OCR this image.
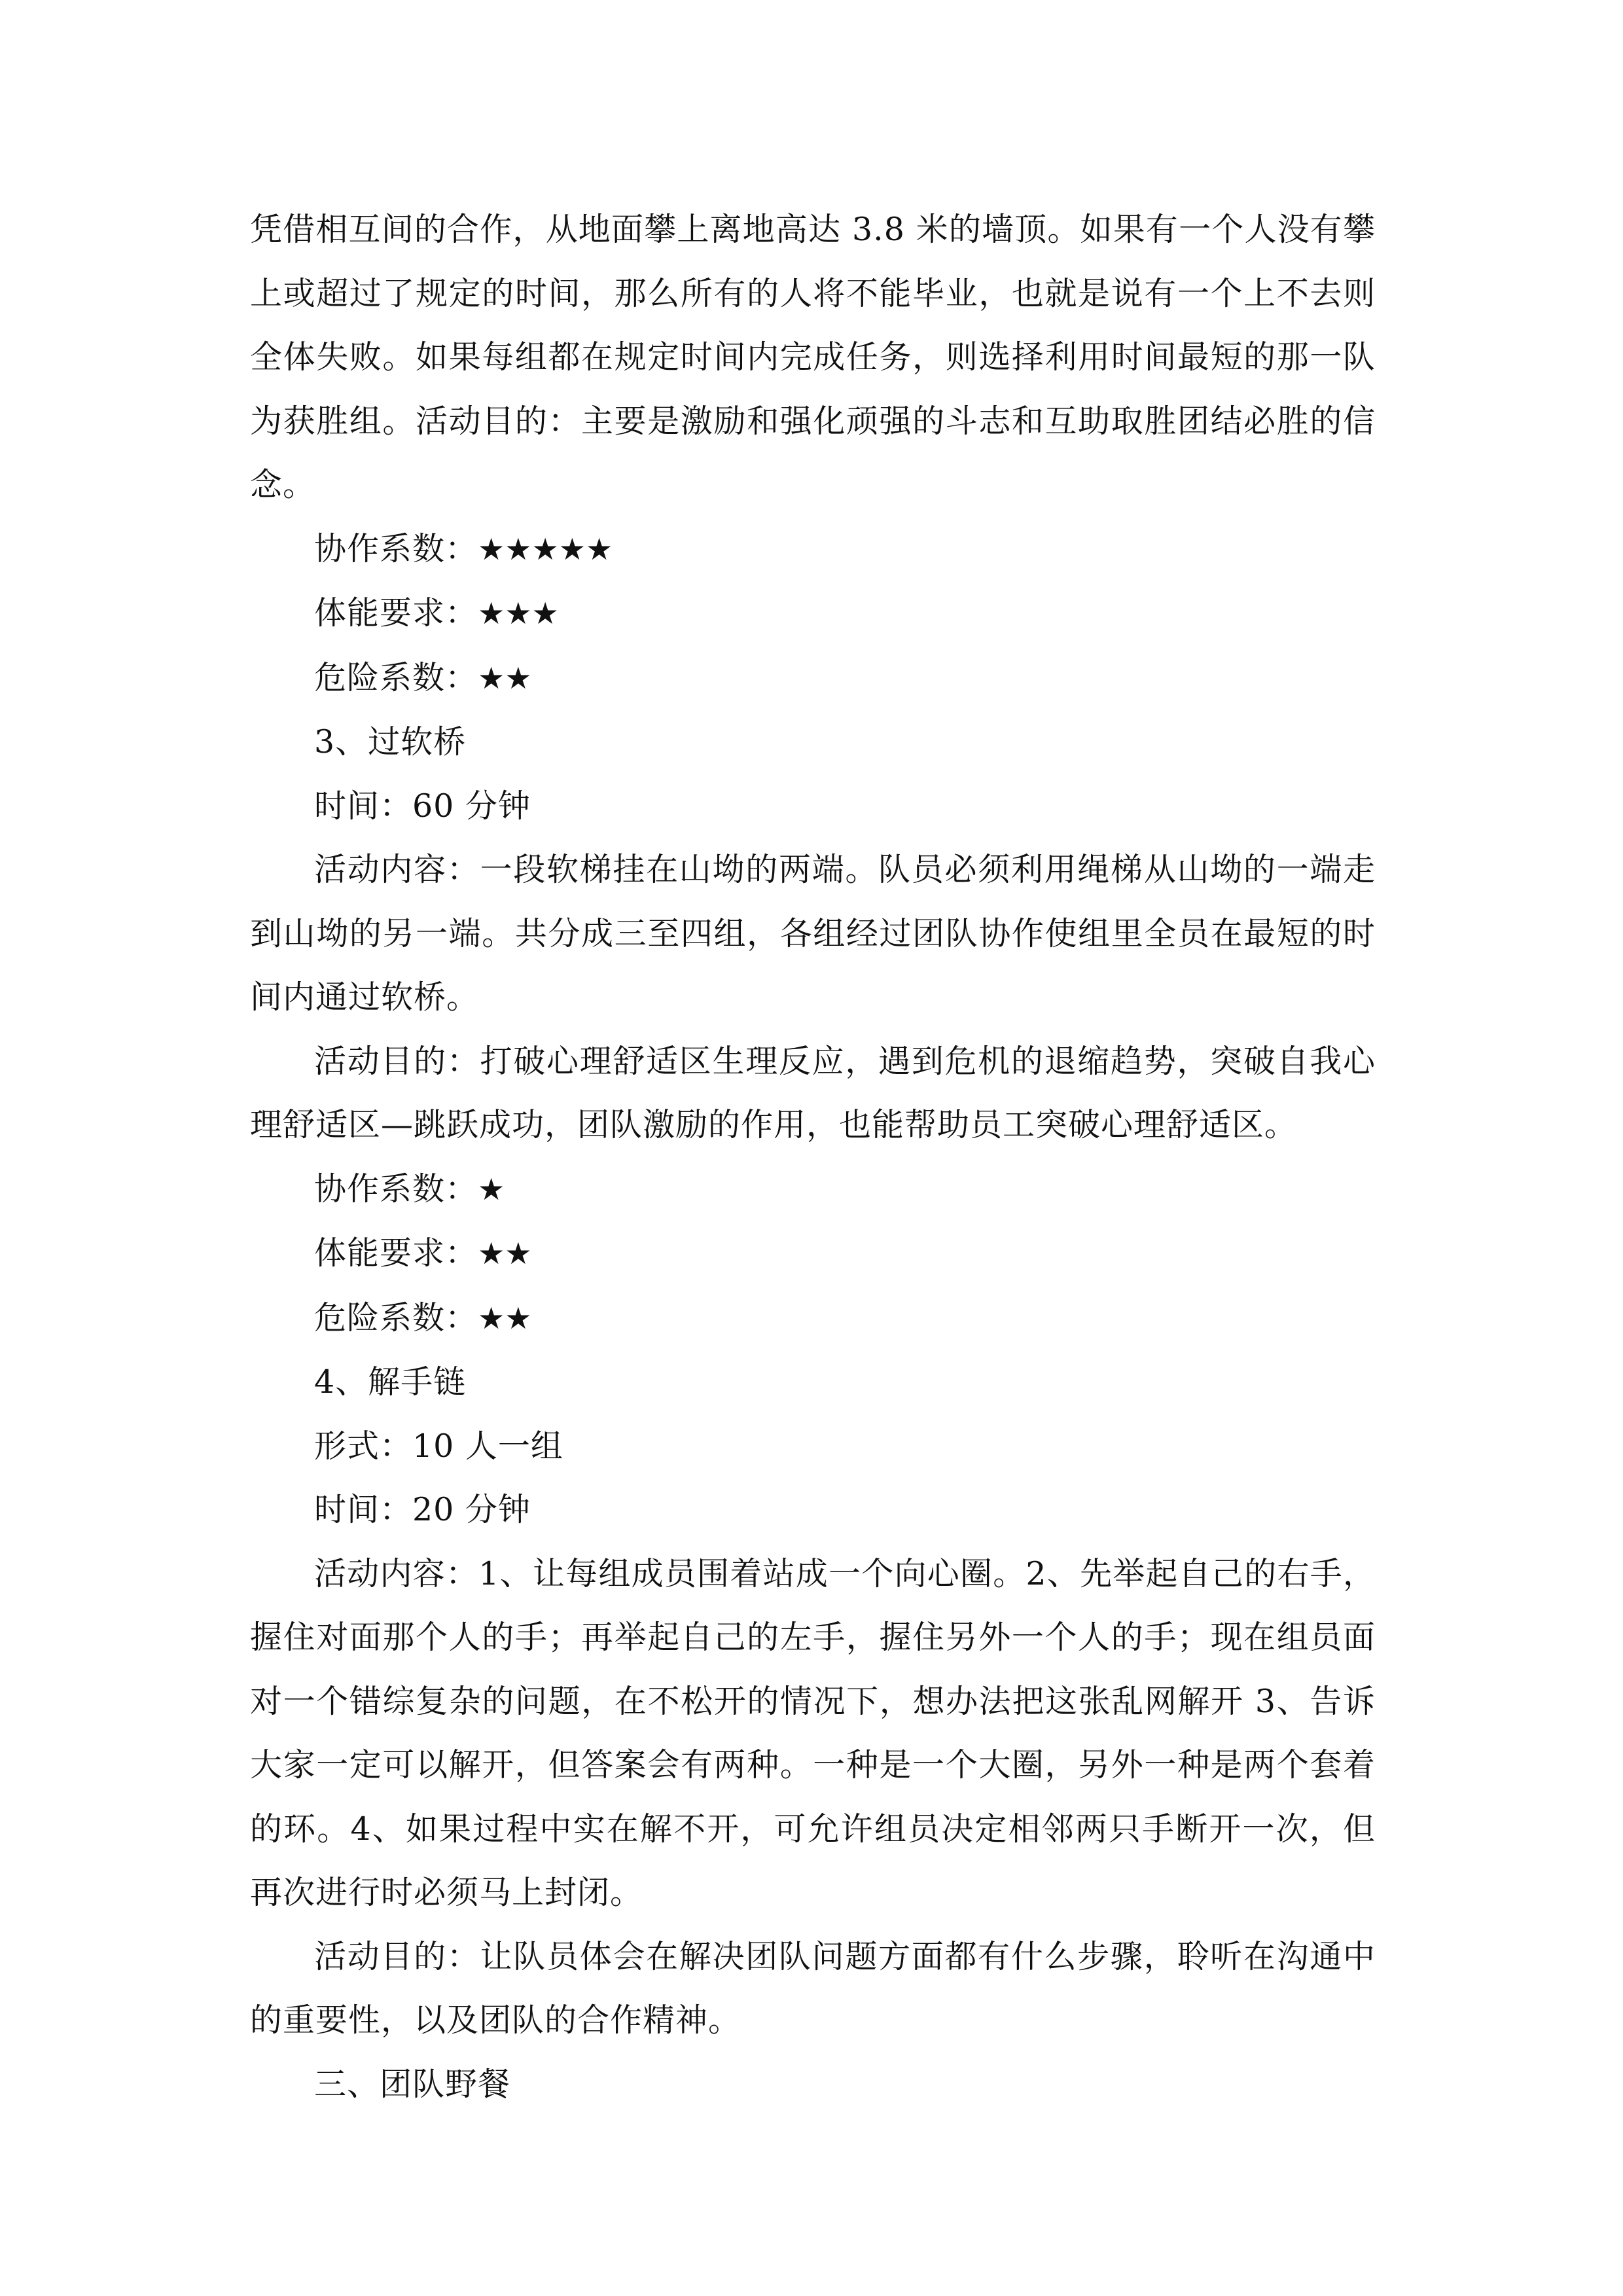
凭借相互间的合作，从地面攀上离地高达 3.8 米的墙顶。如果有一个人没有攀上或超过了规定的时间，那么所有的人将不能毕业，也就是说有一个上不去则全体失败。如果每组都在规定时间内完成任务，则选择利用时间最短的那一队为获胜组。活动目的：主要是激励和强化顽强的斗志和互助取胜团结必胜的信念。

协作系数：★★★★★
体能要求：★★★
危险系数：★★

3、过软桥

时间：60 分钟

活动内容：一段软梯挂在山坳的两端。队员必须利用绳梯从山坳的一端走到山坳的另一端。共分成三至四组，各组经过团队协作使组里全员在最短的时间内通过软桥。

活动目的：打破心理舒适区生理反应，遇到危机的退缩趋势，突破自我心理舒适区—跳跃成功，团队激励的作用，也能帮助员工突破心理舒适区。

协作系数：★
体能要求：★★
危险系数：★★

4、解手链

形式：10 人一组

时间：20 分钟

活动内容：1、让每组成员围着站成一个向心圈。2、先举起自己的右手，握住对面那个人的手；再举起自己的左手，握住另外一个人的手；现在组员面对一个错综复杂的问题，在不松开的情况下，想办法把这张乱网解开 3、告诉大家一定可以解开，但答案会有两种。一种是一个大圈，另外一种是两个套着的环。4、如果过程中实在解不开，可允许组员决定相邻两只手断开一次，但再次进行时必须马上封闭。

活动目的：让队员体会在解决团队问题方面都有什么步骤，聆听在沟通中的重要性，以及团队的合作精神。

三、团队野餐
